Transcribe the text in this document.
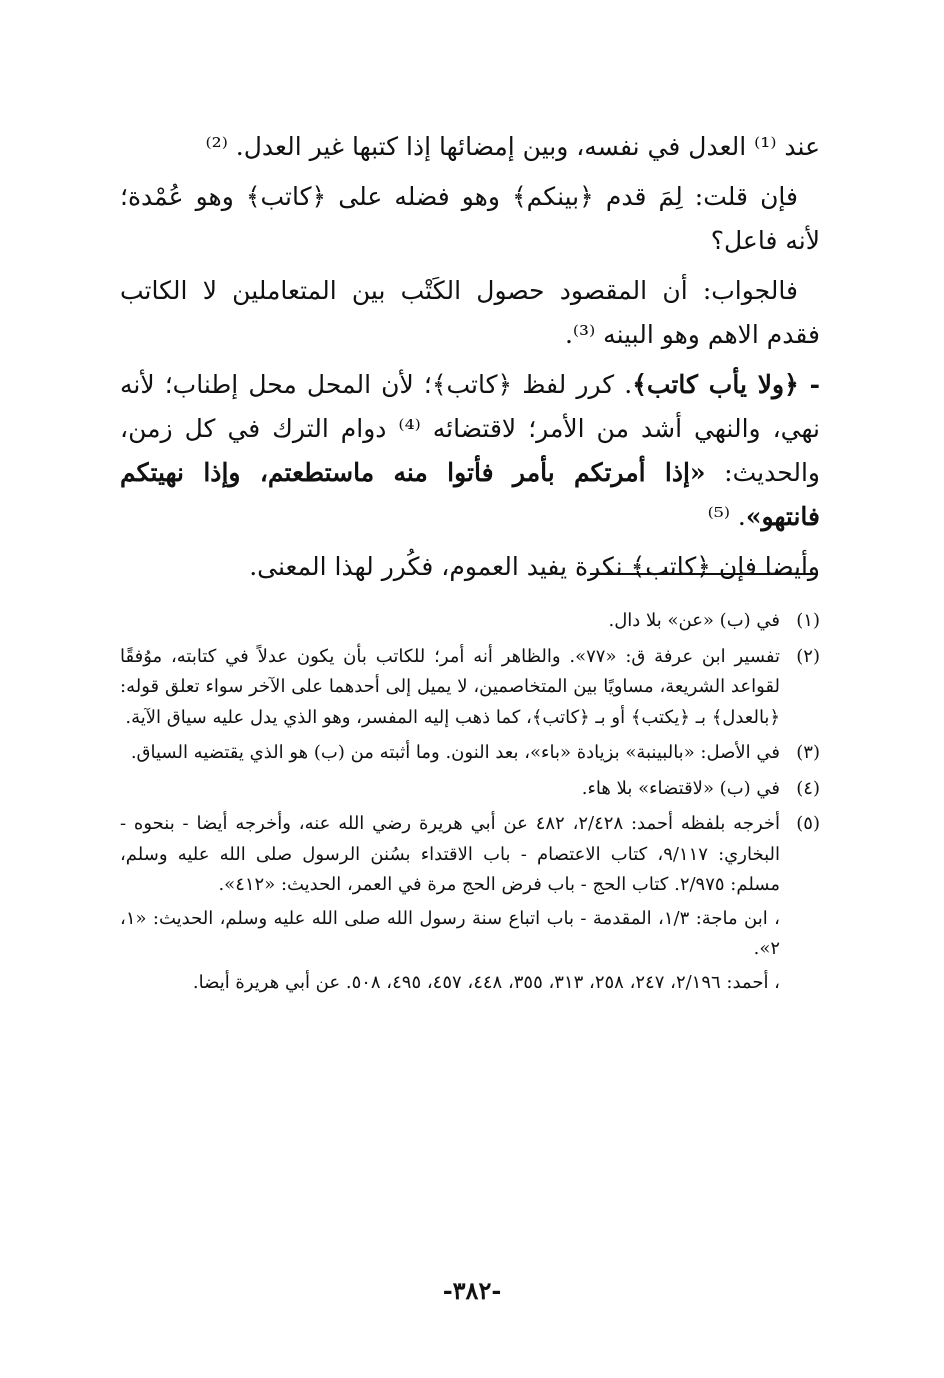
عند ⁽¹⁾ العدل في نفسه، وبين إمضائها إذا كتبها غير العدل. ⁽²⁾

فإن قلت: لِمَ قدم ﴿بينكم﴾ وهو فضله على ﴿كاتب﴾ وهو عُمْدة؛ لأنه فاعل؟

فالجواب: أن المقصود حصول الكَتْب بين المتعاملين لا الكاتب فقدم الاهم وهو البينه ⁽³⁾.

- ﴿ولا يأب كاتب﴾. كرر لفظ ﴿كاتب﴾؛ لأن المحل محل إطناب؛ لأنه نهي، والنهي أشد من الأمر؛ لاقتضائه ⁽⁴⁾ دوام الترك في كل زمن، والحديث: «إذا أمرتكم بأمر فأتوا منه ماستطعتم، وإذا نهيتكم فانتهو». ⁽⁵⁾

وأيضا فإن ﴿كاتب﴾ نكرة يفيد العموم، فكُرر لهذا المعنى.

(١)

في (ب) «عن» بلا دال.

(٢)

تفسير ابن عرفة ق: «٧٧». والظاهر أنه أمر؛ للكاتب بأن يكون عدلاً في كتابته، موُفقًا لقواعد الشريعة، مساويًا بين المتخاصمين، لا يميل إلى أحدهما على الآخر سواء تعلق قوله: ﴿بالعدل﴾ بـ ﴿يكتب﴾ أو بـ ﴿كاتب﴾، كما ذهب إليه المفسر، وهو الذي يدل عليه سياق الآية.

(٣)

في الأصل: «بالبينبة» بزيادة «باء»، بعد النون. وما أثبته من (ب) هو الذي يقتضيه السياق.

(٤)

في (ب) «لاقتضاء» بلا هاء.

(٥)

أخرجه بلفظه أحمد: ٢/٤٢٨، ٤٨٢ عن أبي هريرة رضي الله عنه، وأخرجه أيضا - بنحوه - البخاري: ٩/١١٧، كتاب الاعتصام - باب الاقتداء بسُنن الرسول صلى الله عليه وسلم، مسلم: ٢/٩٧٥. كتاب الحج - باب فرض الحج مرة في العمر، الحديث: «٤١٢».

، ابن ماجة: ١/٣، المقدمة - باب اتباع سنة رسول الله صلى الله عليه وسلم، الحديث: «١، ٢».

، أحمد: ٢/١٩٦، ٢٤٧، ٢٥٨، ٣١٣، ٣٥٥، ٤٤٨، ٤٥٧، ٤٩٥، ٥٠٨. عن أبي هريرة أيضا.

-٣٨٢-
